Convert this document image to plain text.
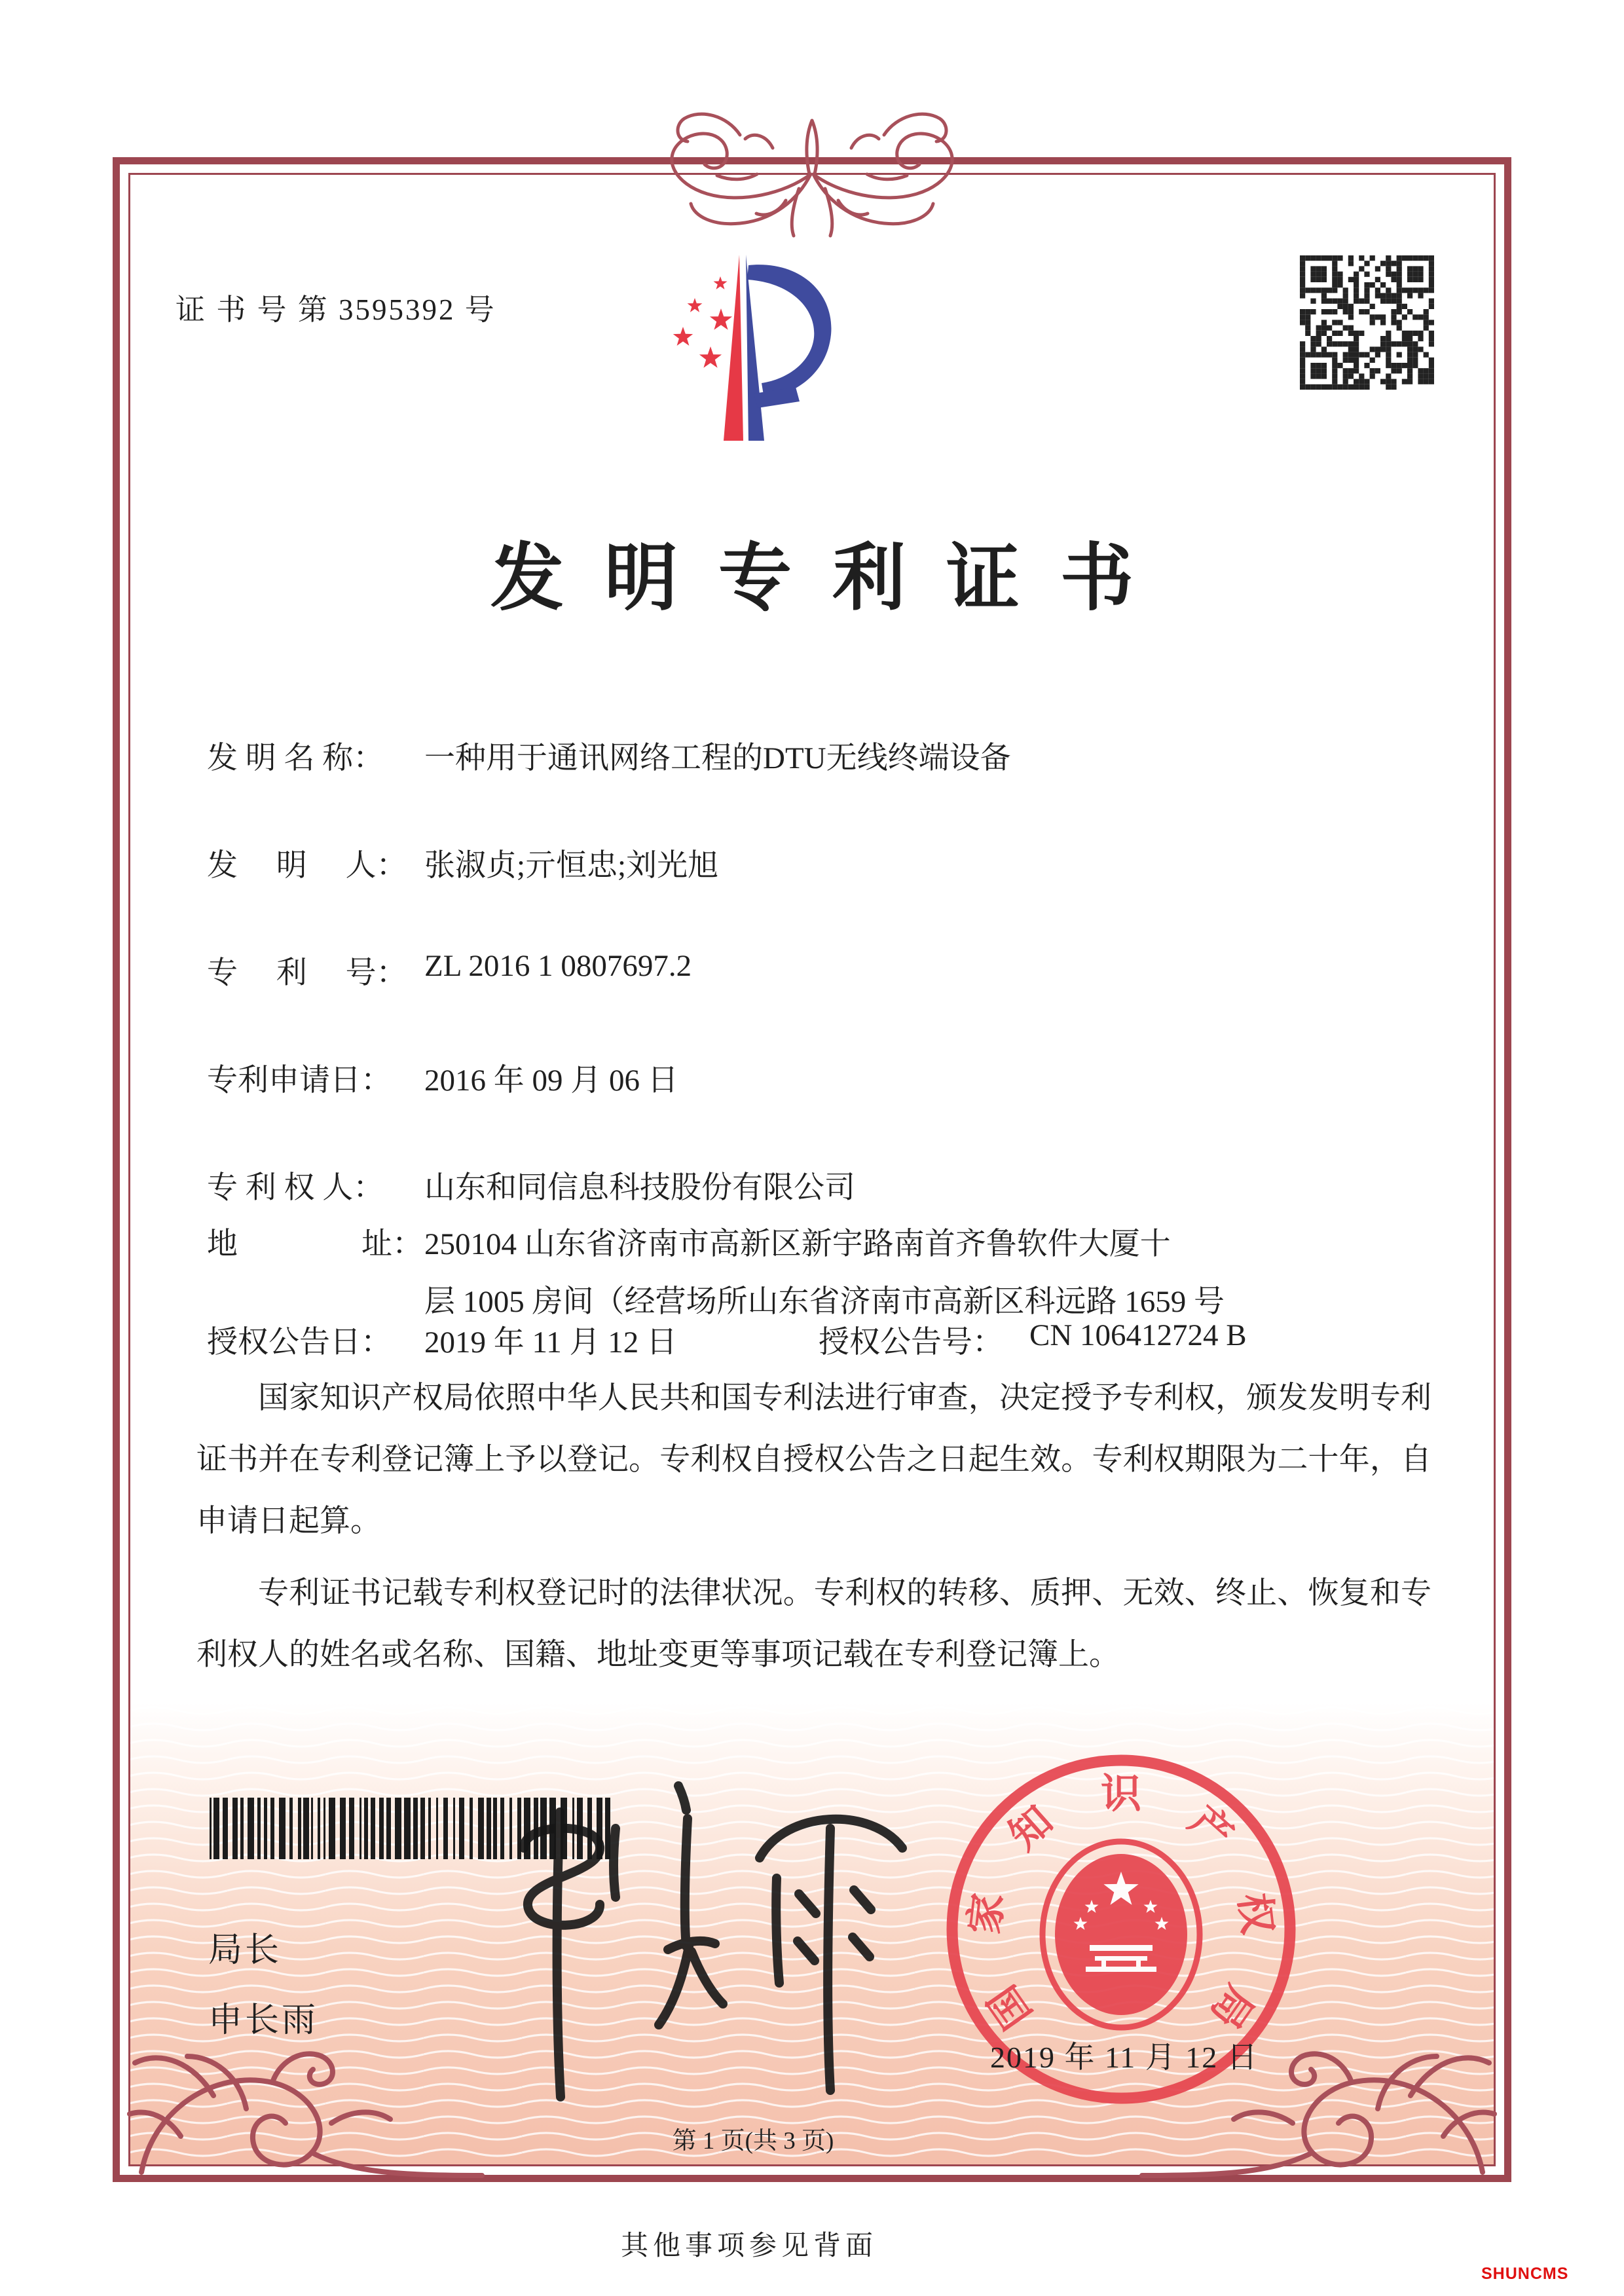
证 书 号 第 3595392 号
发明专利证书
发 明 名 称： 一种用于通讯网络工程的DTU无线终端设备
发　 明　 人： 张淑贞;亓恒忠;刘光旭
专　 利　 号： ZL 2016 1 0807697.2
专利申请日： 2016 年 09 月 06 日
专 利 权 人： 山东和同信息科技股份有限公司
地	址： 250104 山东省济南市高新区新宇路南首齐鲁软件大厦十
层 1005 房间（经营场所山东省济南市高新区科远路 1659 号
授权公告日： 2019 年 11 月 12 日	授权公告号： CN 106412724 B

国家知识产权局依照中华人民共和国专利法进行审查，决定授予专利权，颁发发明专利证书并在专利登记簿上予以登记。专利权自授权公告之日起生效。专利权期限为二十年，自申请日起算。

专利证书记载专利权登记时的法律状况。专利权的转移、质押、无效、终止、恢复和专利权人的姓名或名称、国籍、地址变更等事项记载在专利登记簿上。

局长
申长雨	国
家
知
识
产
权
局
2019 年 11 月 12 日
第 1 页(共 3 页)
其他事项参见背面
SHUNCMS
